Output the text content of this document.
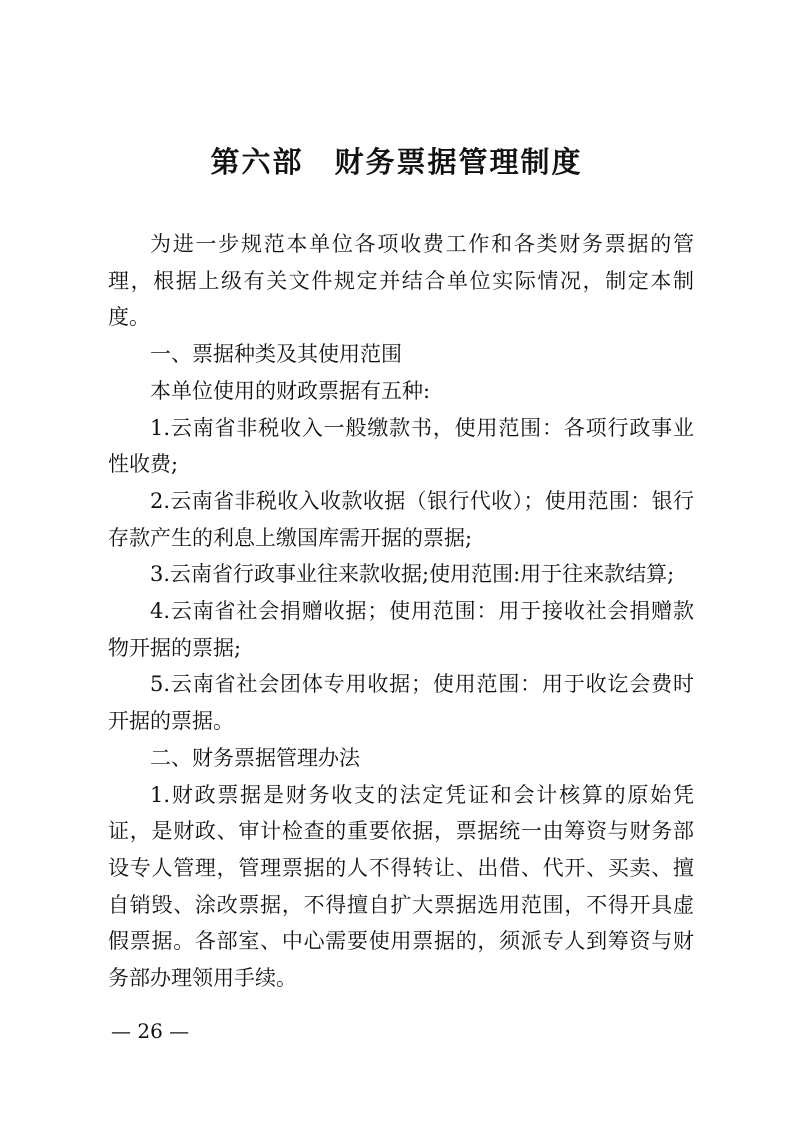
第六部　财务票据管理制度

为进一步规范本单位各项收费工作和各类财务票据的管理，根据上级有关文件规定并结合单位实际情况，制定本制度。

一、票据种类及其使用范围

本单位使用的财政票据有五种:

1.云南省非税收入一般缴款书，使用范围：各项行政事业性收费;

2.云南省非税收入收款收据（银行代收）；使用范围：银行存款产生的利息上缴国库需开据的票据;

3.云南省行政事业往来款收据;使用范围:用于往来款结算;

4.云南省社会捐赠收据；使用范围：用于接收社会捐赠款物开据的票据;

5.云南省社会团体专用收据；使用范围：用于收讫会费时开据的票据。

二、财务票据管理办法

1.财政票据是财务收支的法定凭证和会计核算的原始凭证，是财政、审计检查的重要依据，票据统一由筹资与财务部设专人管理，管理票据的人不得转让、出借、代开、买卖、擅自销毁、涂改票据，不得擅自扩大票据选用范围，不得开具虚假票据。各部室、中心需要使用票据的，须派专人到筹资与财务部办理领用手续。

— 26 —
